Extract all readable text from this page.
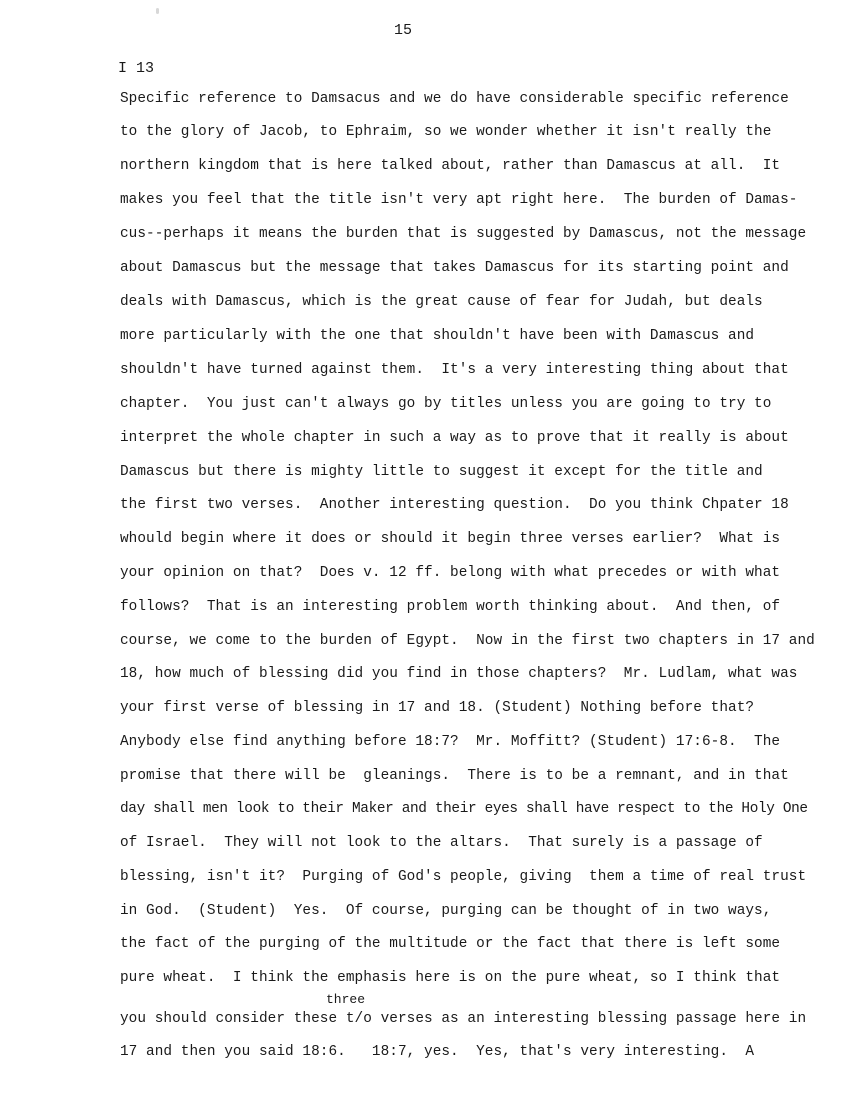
15
I 13
Specific reference to Damsacus and we do have considerable specific reference
to the glory of Jacob, to Ephraim, so we wonder whether it isn't really the
northern kingdom that is here talked about, rather than Damascus at all.  It
makes you feel that the title isn't very apt right here.  The burden of Damas-
cus--perhaps it means the burden that is suggested by Damascus, not the message
about Damascus but the message that takes Damascus for its starting point and
deals with Damascus, which is the great cause of fear for Judah, but deals
more particularly with the one that shouldn't have been with Damascus and
shouldn't have turned against them.  It's a very interesting thing about that
chapter.  You just can't always go by titles unless you are going to try to
interpret the whole chapter in such a way as to prove that it really is about
Damascus but there is mighty little to suggest it except for the title and
the first two verses.  Another interesting question.  Do you think Chpater 18
whould begin where it does or should it begin three verses earlier?  What is
your opinion on that?  Does v. 12 ff. belong with what precedes or with what
follows?  That is an interesting problem worth thinking about.  And then, of
course, we come to the burden of Egypt.  Now in the first two chapters in 17 and
18, how much of blessing did you find in those chapters?  Mr. Ludlam, what was
your first verse of blessing in 17 and 18. (Student) Nothing before that?
Anybody else find anything before 18:7?  Mr. Moffitt? (Student) 17:6-8.  The
promise that there will be  gleanings.  There is to be a remnant, and in that
day shall men look to their Maker and their eyes shall have respect to the Holy One
of Israel.  They will not look to the altars.  That surely is a passage of
blessing, isn't it?  Purging of God's people, giving  them a time of real trust
in God.  (Student)  Yes.  Of course, purging can be thought of in two ways,
the fact of the purging of the multitude or the fact that there is left some
pure wheat.  I think the emphasis here is on the pure wheat, so I think that
three
you should consider these t/o verses as an interesting blessing passage here in
17 and then you said 18:6.   18:7, yes.  Yes, that's very interesting.  A
